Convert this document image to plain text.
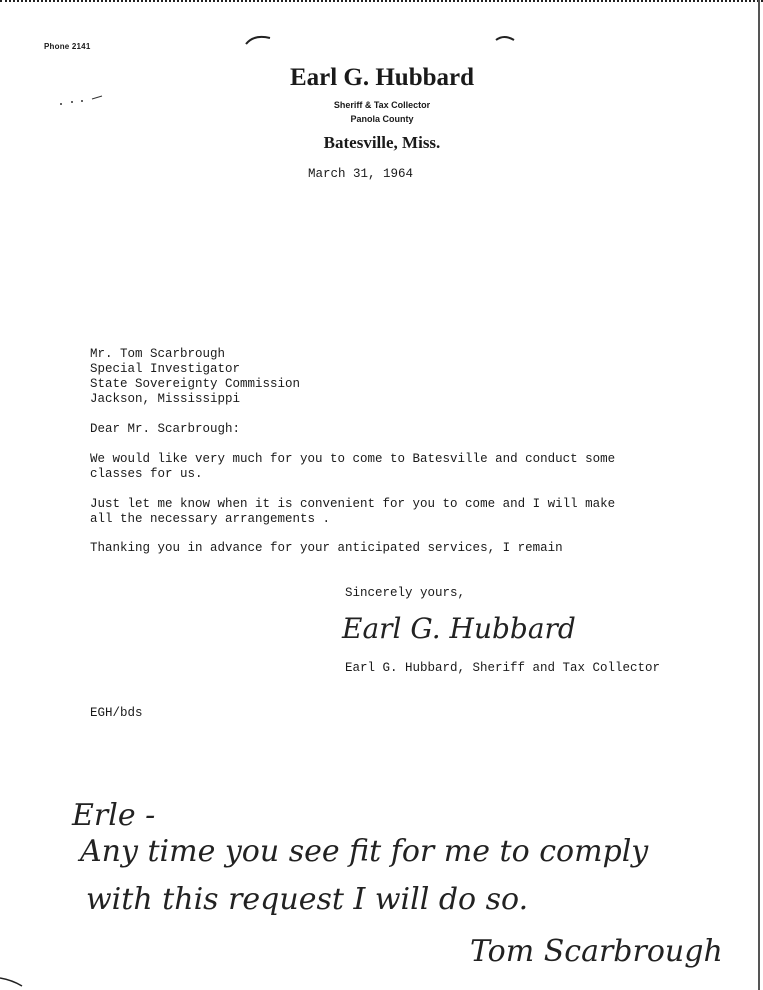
Phone 2141
Earl G. Hubbard
Sheriff & Tax Collector
Panola County
Batesville, Miss.
March 31, 1964
Mr. Tom Scarbrough
Special Investigator
State Sovereignty Commission
Jackson, Mississippi
Dear Mr. Scarbrough:
We would like very much for you to come to Batesville and conduct some
classes for us.
Just let me know when it is convenient for you to come and I will make
all the necessary arrangements .
Thanking you in advance for your anticipated services, I remain
Sincerely yours,
Earl G. Hubbard
Earl G. Hubbard, Sheriff and Tax Collector
EGH/bds
Erle -
Any time you see fit for me to comply
with this request I will do so.
Tom Scarbrough
